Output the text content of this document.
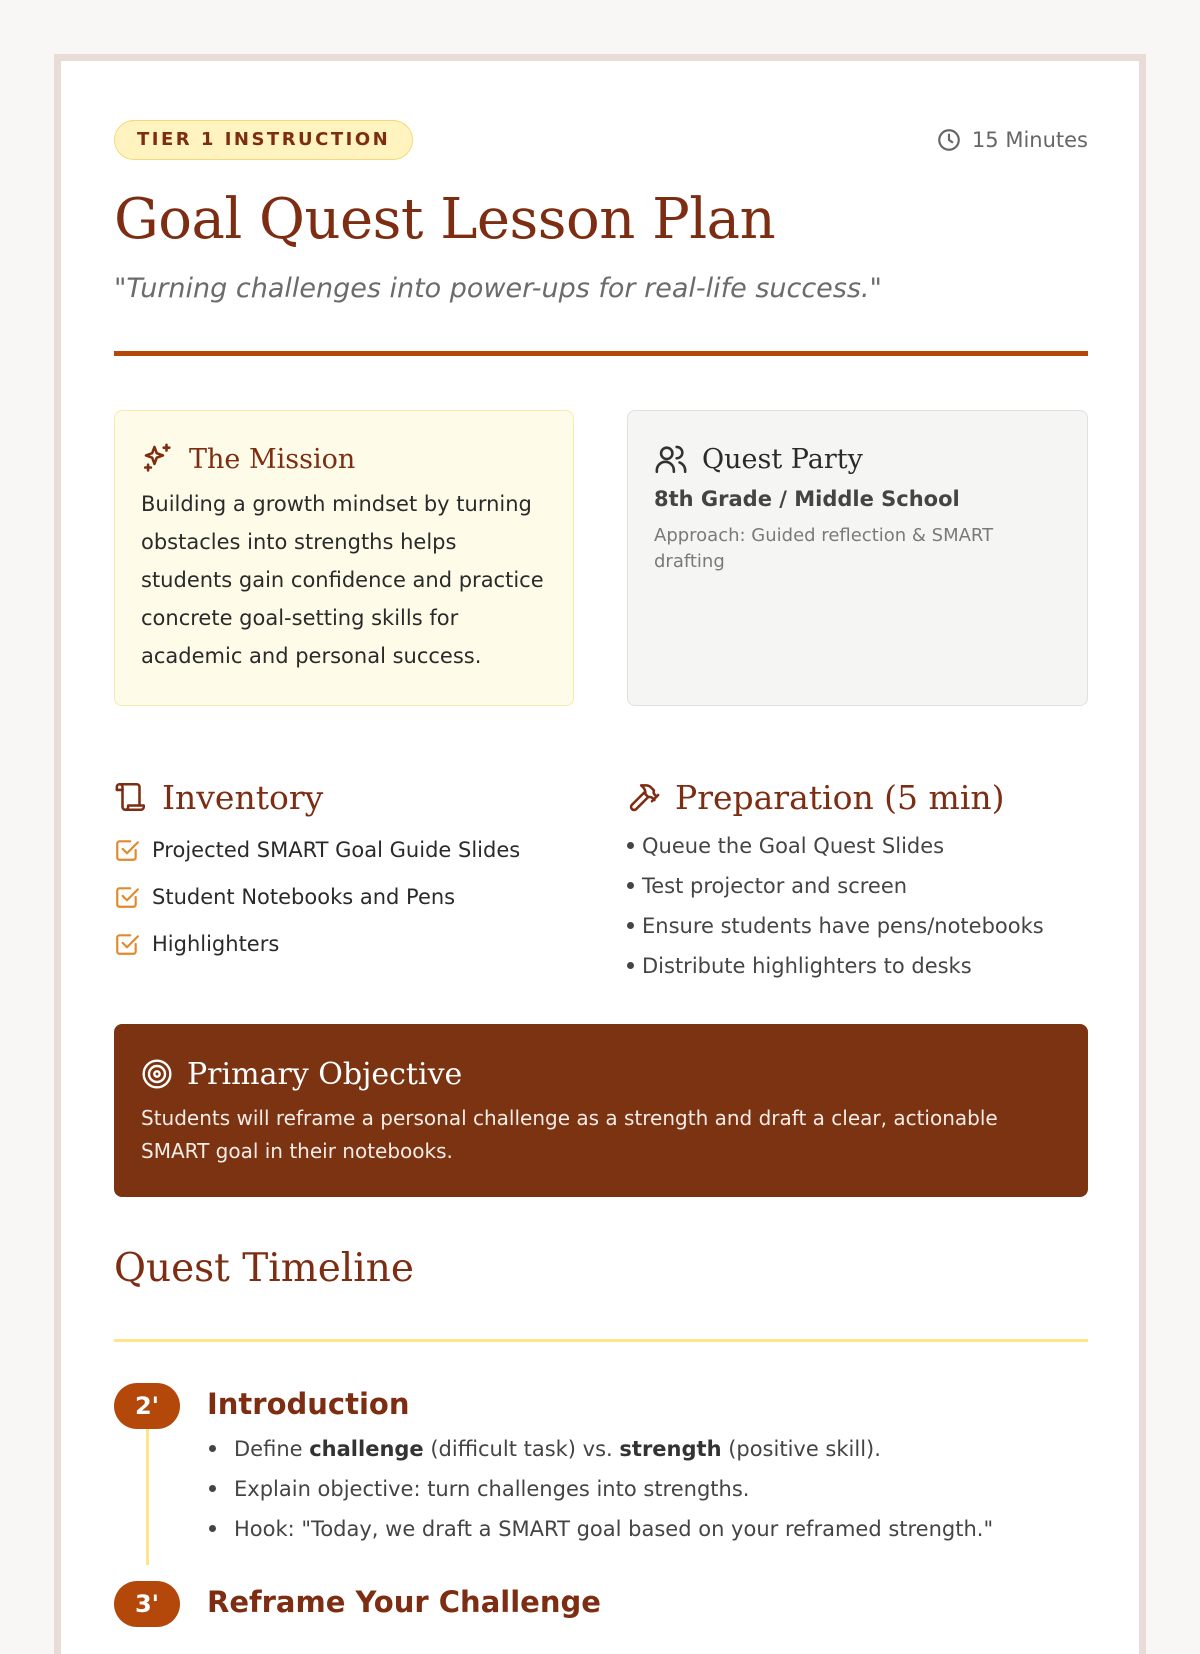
TIER 1 INSTRUCTION	15 Minutes
Goal Quest Lesson Plan

"Turning challenges into power-ups for real-life success."

The Mission

Building a growth mindset by turning obstacles into strengths helps students gain confidence and practice concrete goal-setting skills for academic and personal success.

Quest Party

8th Grade / Middle School

Approach: Guided reflection & SMART drafting

Inventory
Projected SMART Goal Guide Slides
Student Notebooks and Pens
Highlighters
Preparation (5 min)
Queue the Goal Quest Slides
Test projector and screen
Ensure students have pens/notebooks
Distribute highlighters to desks
Primary Objective

Students will reframe a personal challenge as a strength and draft a clear, actionable SMART goal in their notebooks.

Quest Timeline
2'	Introduction
Define challenge (difficult task) vs. strength (positive skill).
Explain objective: turn challenges into strengths.
Hook: "Today, we draft a SMART goal based on your reframed strength."
3'	Reframe Your Challenge
